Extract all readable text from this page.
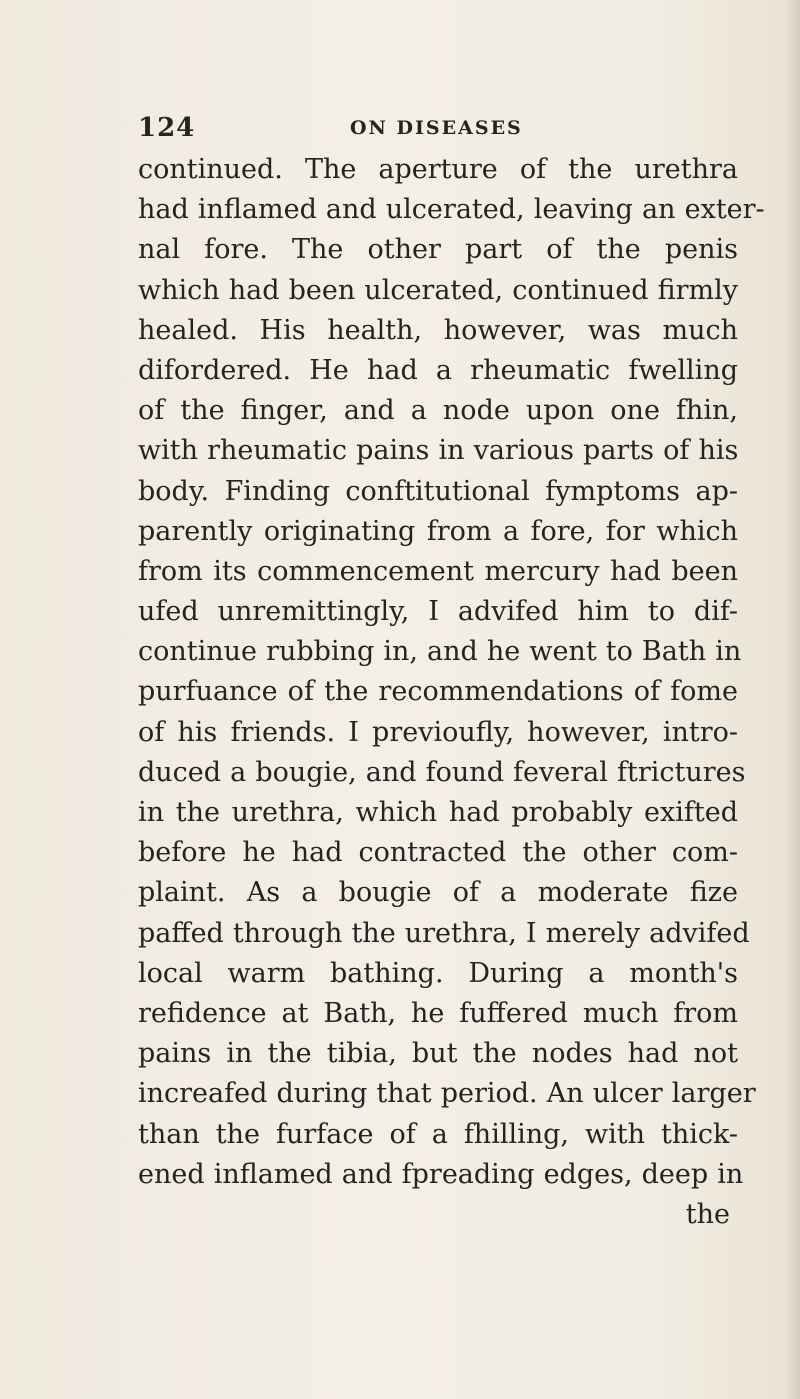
124	ON DISEASES
continued. The aperture of the urethra
had inflamed and ulcerated, leaving an exter-
nal fore. The other part of the penis
which had been ulcerated, continued firmly
healed. His health, however, was much
difordered. He had a rheumatic fwelling
of the finger, and a node upon one fhin,
with rheumatic pains in various parts of his
body. Finding conftitutional fymptoms ap-
parently originating from a fore, for which
from its commencement mercury had been
ufed unremittingly, I advifed him to dif-
continue rubbing in, and he went to Bath in
purfuance of the recommendations of fome
of his friends. I previoufly, however, intro-
duced a bougie, and found feveral ftrictures
in the urethra, which had probably exifted
before he had contracted the other com-
plaint. As a bougie of a moderate fize
paffed through the urethra, I merely advifed
local warm bathing. During a month's
refidence at Bath, he fuffered much from
pains in the tibia, but the nodes had not
increafed during that period. An ulcer larger
than the furface of a fhilling, with thick-
ened inflamed and fpreading edges, deep in
the
